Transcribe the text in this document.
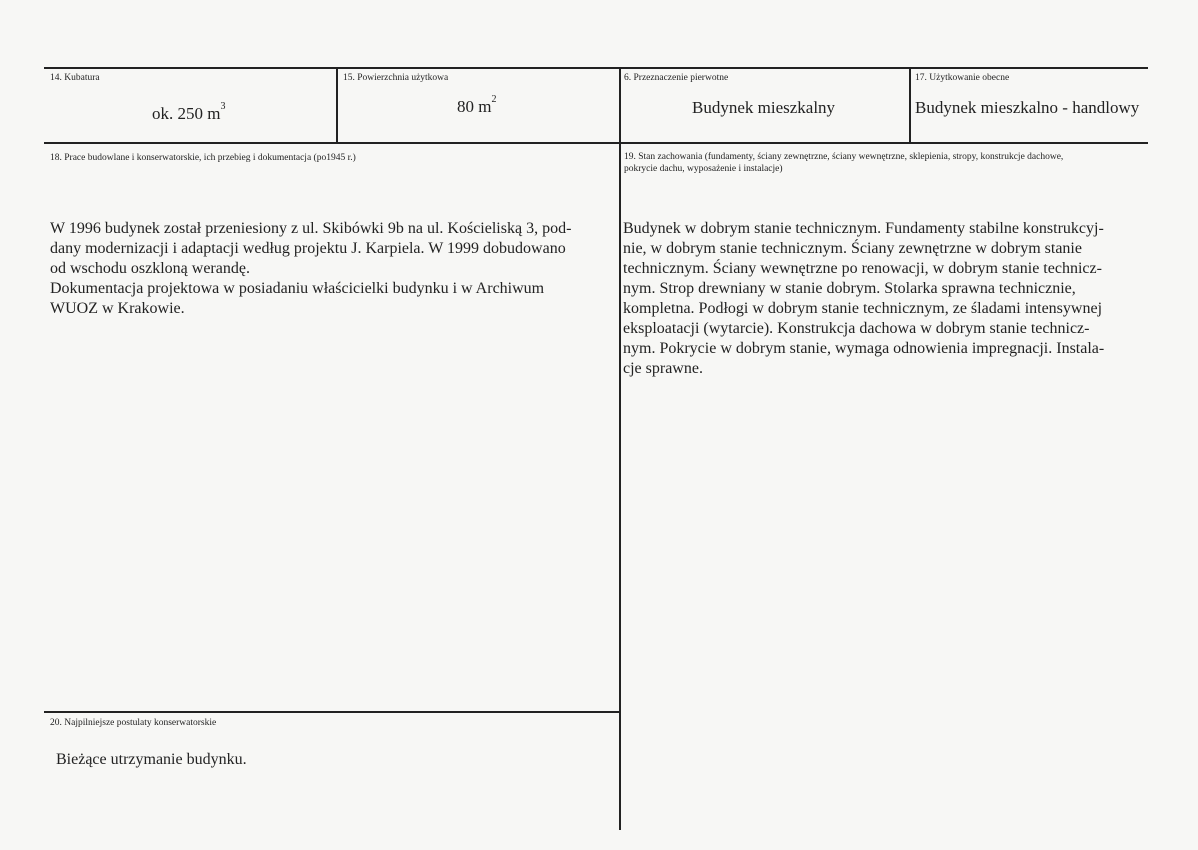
14. Kubatura
ok. 250 $m^3$
15. Powierzchnia użytkowa
80 $m^2$
6. Przeznaczenie pierwotne
Budynek mieszkalny
17. Użytkowanie obecne
Budynek mieszkalno - handlowy
18. Prace budowlane i konserwatorskie, ich przebieg i dokumentacja (po1945 r.)
W 1996 budynek został przeniesiony z ul. Skibówki 9b na ul. Kościeliską 3, pod-
dany modernizacji i adaptacji według projektu J. Karpiela. W 1999 dobudowano
od wschodu oszkloną werandę.
Dokumentacja projektowa w posiadaniu właścicielki budynku i w Archiwum
WUOZ w Krakowie.
19. Stan zachowania (fundamenty, ściany zewnętrzne, ściany wewnętrzne, sklepienia, stropy, konstrukcje dachowe,
pokrycie dachu, wyposażenie i instalacje)
Budynek w dobrym stanie technicznym. Fundamenty stabilne konstrukcyj-
nie, w dobrym stanie technicznym. Ściany zewnętrzne w dobrym stanie
technicznym. Ściany wewnętrzne po renowacji, w dobrym stanie technicz-
nym. Strop drewniany w stanie dobrym. Stolarka sprawna technicznie,
kompletna. Podłogi w dobrym stanie technicznym, ze śladami intensywnej
eksploatacji (wytarcie). Konstrukcja dachowa w dobrym stanie technicz-
nym. Pokrycie w dobrym stanie, wymaga odnowienia impregnacji. Instala-
cje sprawne.
20. Najpilniejsze postulaty konserwatorskie
Bieżące utrzymanie budynku.
